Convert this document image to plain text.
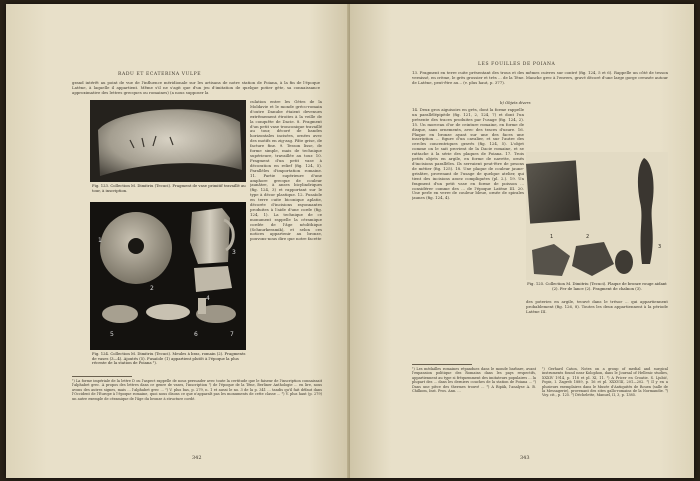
RADU ET ECATERINA VULPE
grand intérêt au point de vue de l'influence méridionale sur les artisans de notre station de Poiana, à la fin de l'époque Latène, à laquelle il appartient. Même s'il ne s'agit que d'un jeu d'imitation de quelque potier gète, sa connaissance approximative des lettres grecques ou romaines) (a nous supposer la
Fig. 123. Collection M. Dimitriu (Tecuci). Fragment de vase primitif travaillé au tour, à inscription.
culation entre les Gètes de la Moldavie et le monde gréco-romain d'outre Danube étaient devenues extrêmement étroites à la veille de la conquête de Dacie. 8. Fragment d'un petit vase tronconique travaillé au tour, décoré de bandes horizontales incisées, ornées avec des motifs en zig-zag. Pâte grise, de facture fine. 9. Tesson lisse, de forme simple, mais de technique supérieure, travaillée au tour. 10. Fragment d'un petit vase à décoration en relief (fig. 124, 5). Parallèles d'importation romaine. 11. Partie supérieure d'une amphore grecque de couleur jaunâtre, à anses bicylindriques (fig. 124, 3) et rapportant sur le type à décor plastique. 12. Fusaïole en terre cuite biconique aplatie, décorée d'incisions rayonnantes produites à l'aide d'une corde (fig. 124, 1). La technique de ce monument rappelle la céramique cordée de l'âge néolithique (Schnurkeramik), et selon ces notices appartenir au bronze, pouvons-nous dire que notre facette
1
2
3
4
5	6	7
Fig. 124. Collection M. Dimitriu (Tecuci). Meules à bras, romain (2). Fragments de vases (3—4). Ajoutés (5). Fusaïole (1) appartient plutôt à l'époque la plus récente de la station de Poiana ²).
¹) La forme impériale de la lettre D ou l'aspect rappelle de nous persuader avec toute la certitude que le faiseur de l'inscription connaissait l'alphabet grec. A propos des lettres dans ce genre de vases, l'inscription ¹) de l'époque de la Tène, Berliner Anthologie ... en lire, nous avons des autres signes, mais ... l'alphabet grec ... ²) V. plus bas, p. 279, n. 1 et aussi le no. 3 de la p. 341 ... tandis qu'il fait défaut dans l'Occident de l'Europe à l'époque romaine, quoi nous disons ce que n'apparaît pas les monuments de cette classe ... ³) V. plus haut (p. 279) un autre exemple de céramique de l'âge du bronze à structure cordé.
342
LES FOUILLES DE POIANA
13. Fragment en terre cuite présentant des trous et des mêmes cuivres sur contré (fig. 124, 5 et 6). Rappelle un côté de tesson vernissé, en crème, le grès grossier et très ... de la Tène. Manche grec à l'envers, gravé décoré d'une large gorge creusée autour de Latène, peut-être au... (v. plus haut, p. 377).
b) Objets divers
14. Deux gros aiguisoirs en grès, dont la forme rappelle un parallélépipède (fig. 121, 2, 124, 7) et dont l'un présente des traces produites par l'usage (fig. 124, 2). 15. Un morceau d'or de ceinture romaine, en forme de disque, sans ornements, avec des traces d'usure. 16. Plaque en bronze ayant sur une des faces une inscription ... figure d'un cavalier, et sur l'autre des cercles concentriques gravés (fig. 124, 5). L'objet comme on le sait provient de la Dacie romaine, et se rattache à la série des plaques de Poiana. 17. Trois petits objets en argile, en forme de navette, ornés d'incisions parallèles. Ils servaient peut-être de pesons de métier (fig. 125). 18. Une plaque de couleur jaune-grisâtre, provenant de l'usage de quelque atelier, qui tient des incisions assez compliquées (pl. 2.). 19. Un fragment d'un petit vase en forme de poisson ... considérer comme des ... de l'époque Latène III. 20. Une perle en verre de couleur bleue, ornée de spirales jaunes (fig. 124, 4).
1	2
3
Fig. 125. Collection M. Dimitriu (Tecuci). Plaque de bronze rouge aidant (2). Fer de lance (2). Fragment de chaînon (3).
des poteries en argile, trouvé dans le trésor ... qui appartiennent probablement (fig. 126, 8). Toutes les deux appartiennent à la période Latène III.
¹) Les médailles romaines répandues dans le monde barbare, avant l'expansion politique des Romains dans les pays respectifs, appartiennent au type si fréquemment des imitateurs populaires ... la plupart des ... dans les derniers couches de la station de Poiana ... ²) Dans une pièce des thermes trouvé ... ³) A Ripăk, l'analyse A. B. Chilkom, Inst. Pros. Ann. ...
¹) Gerhard Caton, Notes on a group of medial and surgical instruments found near Kolophon, dans le Journal of Hellenic studies, XXXIV 1914, p. 118 et pl. XI, 11. ²) A Pricer en Croatie. S. Ljubić, Popis, I. Zagreb 1889, p. 16 et pl. XXXVIII, 201—202. ³) Il y en a plusieurs exemplaires dans le Musée d'Antiquités de Rouen (salle de la Messagerie), provenant des sites gallo-romains de la Normandie. ⁴) Voy. cit., p. 125. ⁵) Déchelette, Manuel, II, 3, p. 1385.
343
